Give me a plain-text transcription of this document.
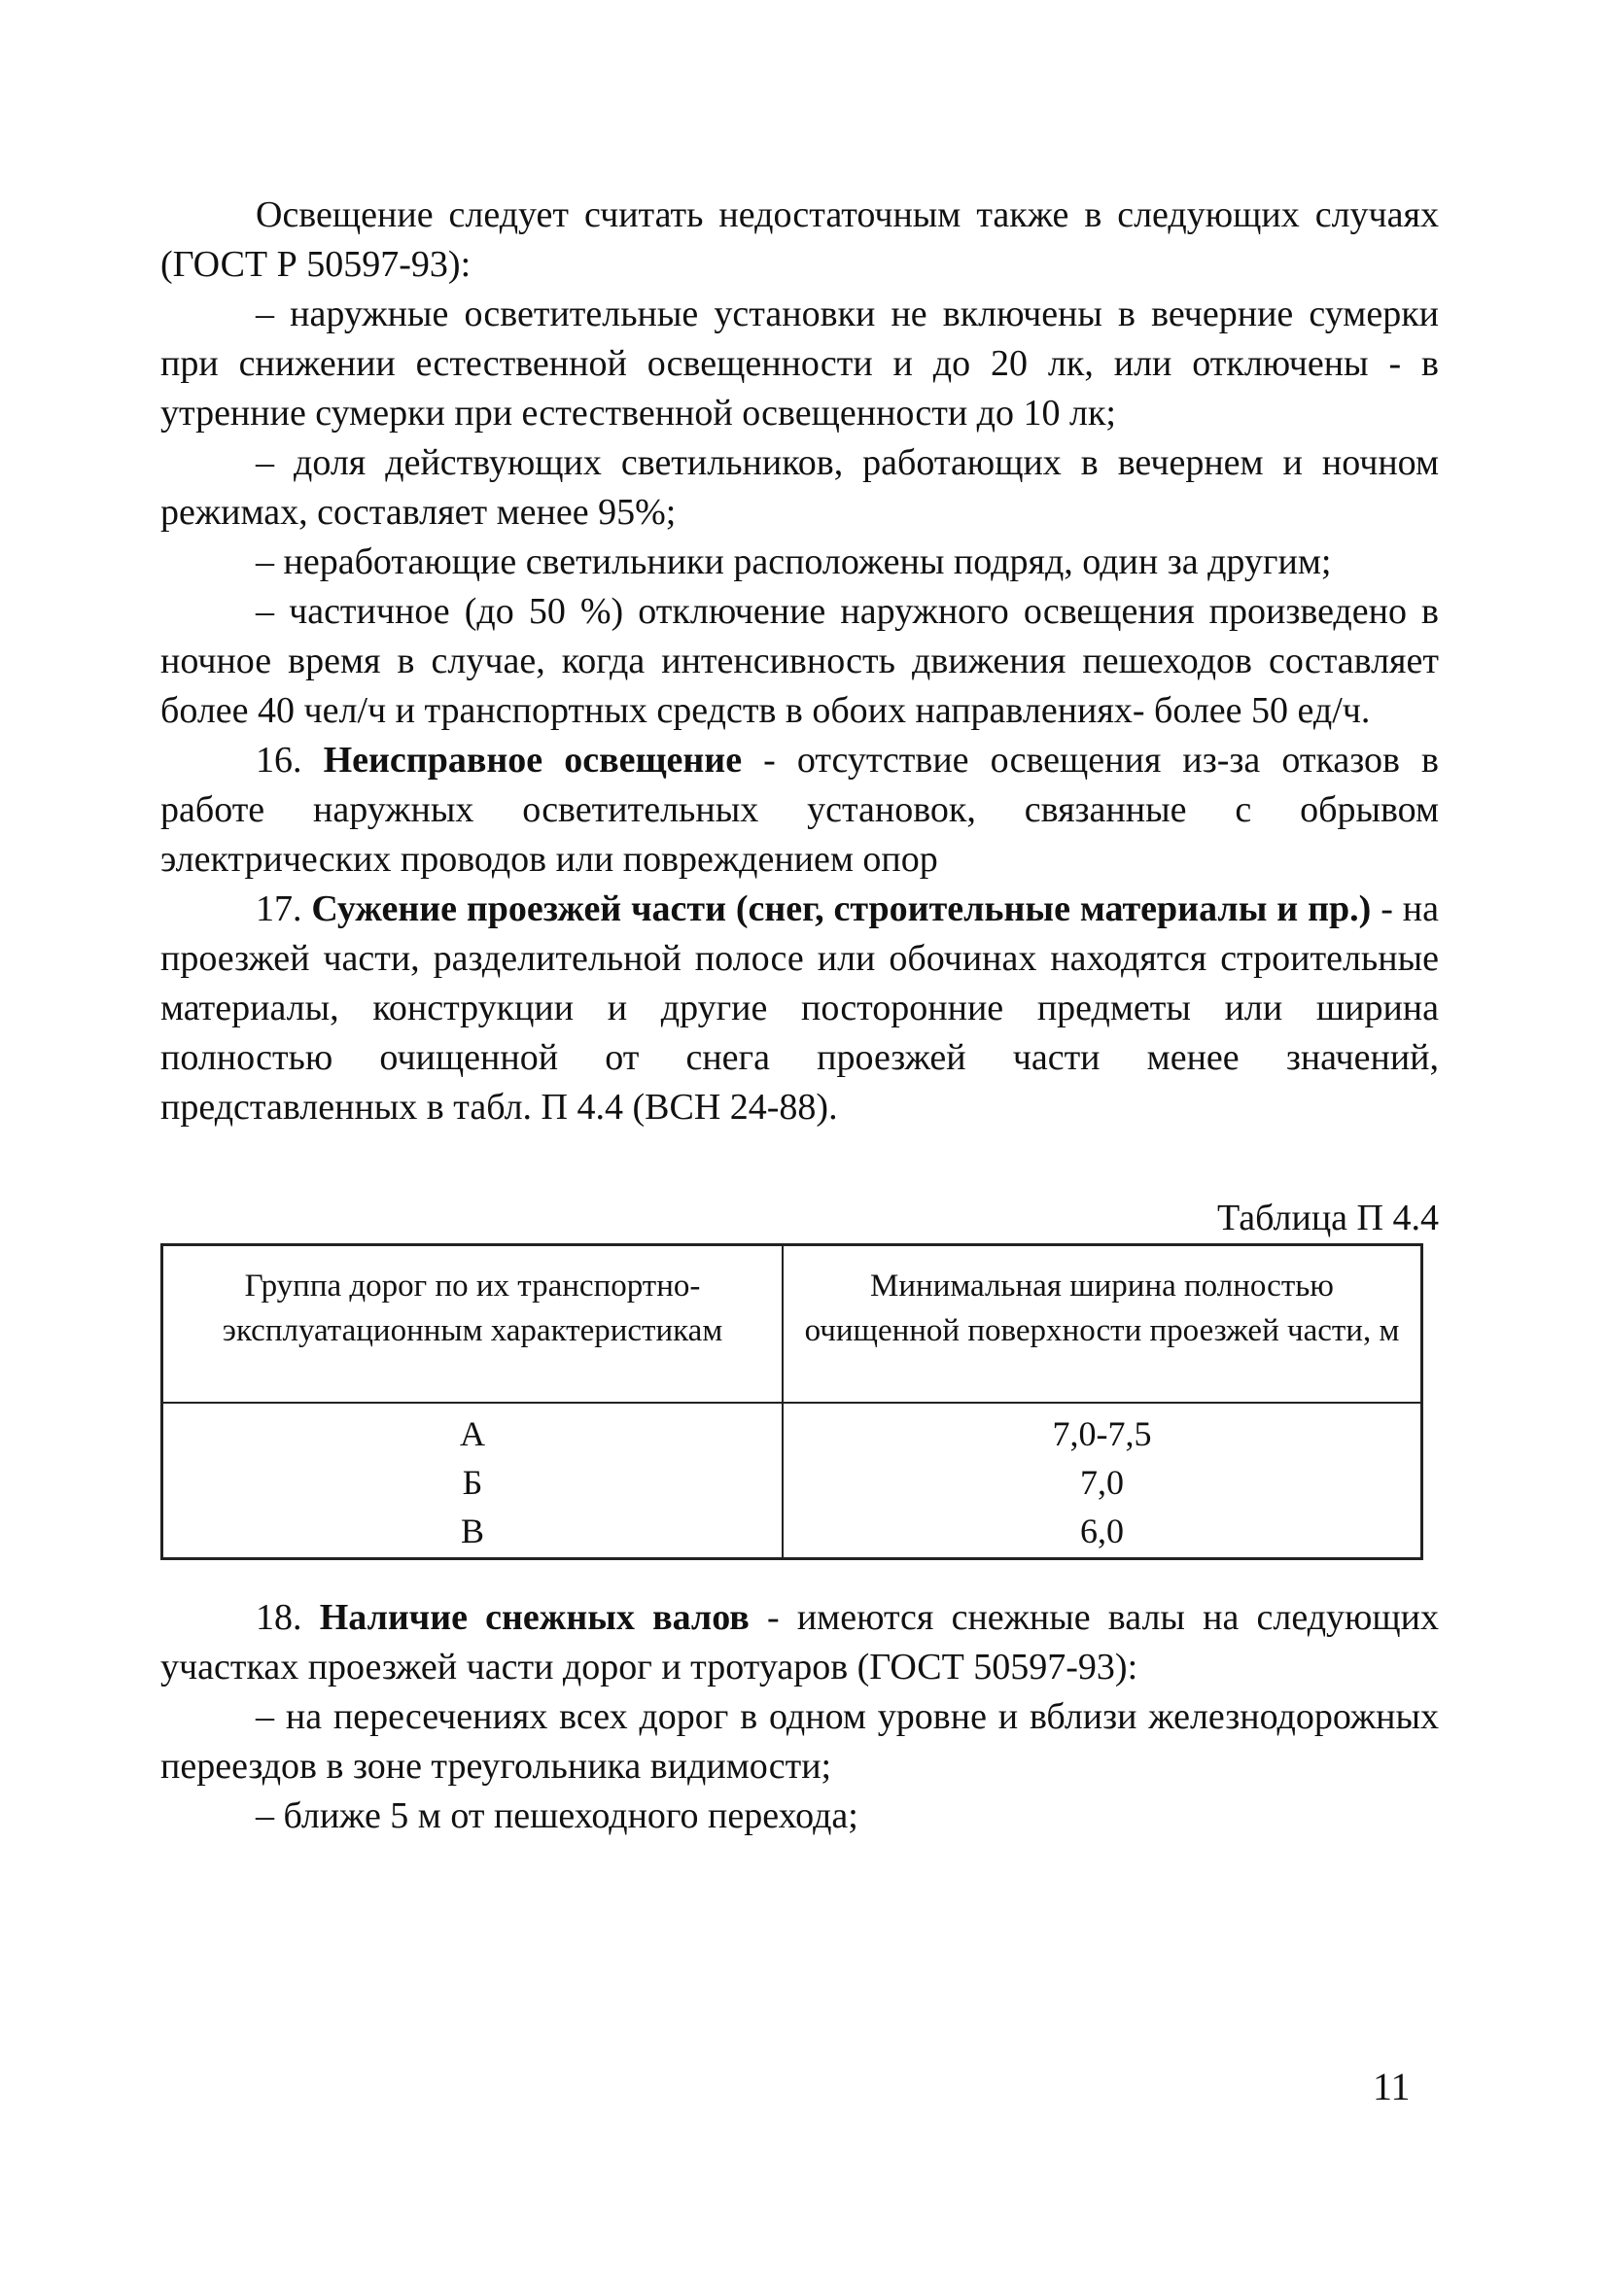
Освещение следует считать недостаточным также в следующих случаях (ГОСТ Р 50597-93):

– наружные осветительные установки не включены в вечерние сумерки при снижении естественной освещенности и до 20 лк, или отключены - в утренние сумерки при естественной освещенности до 10 лк;

– доля действующих светильников, работающих в вечернем и ночном режимах, составляет менее 95%;

– неработающие светильники расположены подряд, один за другим;

– частичное (до 50 %) отключение наружного освещения произведено в ночное время в случае, когда интенсивность движения пешеходов составляет более 40 чел/ч и транспортных средств в обоих направлениях- более 50 ед/ч.

16. Неисправное освещение - отсутствие освещения из-за отказов в работе наружных осветительных установок, связанные с обрывом электрических проводов или повреждением опор

17. Сужение проезжей части (снег, строительные материалы и пр.) - на проезжей части, разделительной полосе или обочинах находятся строительные материалы, конструкции и другие посторонние предметы или ширина полностью очищенной от снега проезжей части менее значений, представленных в табл. П 4.4 (ВСН 24-88).

Таблица П 4.4
Группа дорог по их транспортно-эксплуатационным характеристикам	Минимальная ширина полностью очищенной поверхности проезжей части, м
А	7,0-7,5
Б	7,0
В	6,0

18. Наличие снежных валов - имеются снежные валы на следующих участках проезжей части дорог и тротуаров (ГОСТ 50597-93):

– на пересечениях всех дорог в одном уровне и вблизи железнодорожных переездов в зоне треугольника видимости;

– ближе 5 м от пешеходного перехода;

11
